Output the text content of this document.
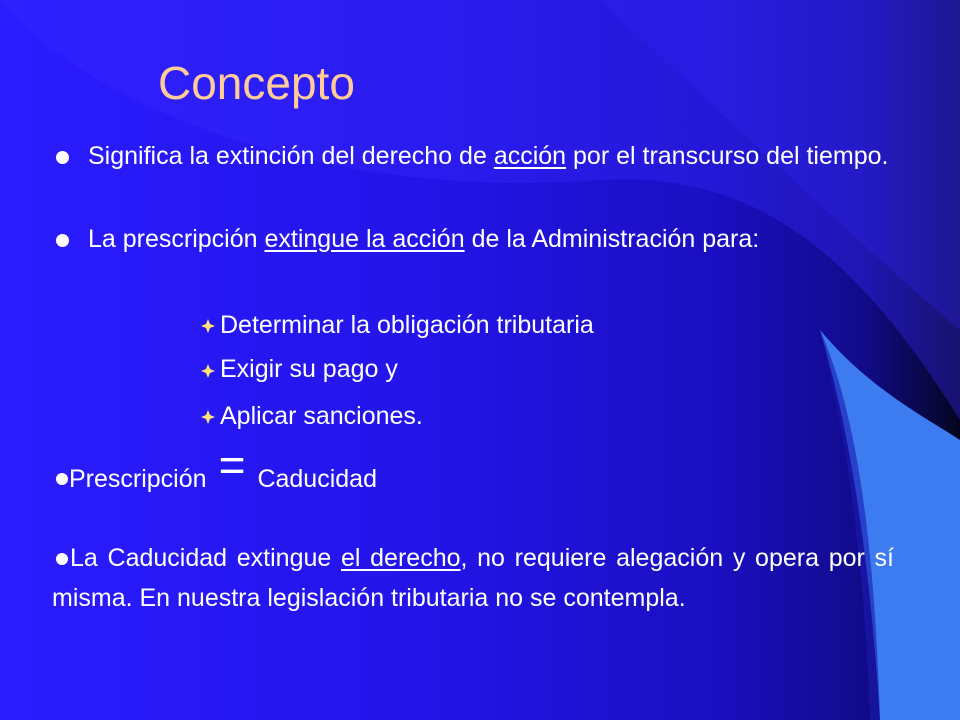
Concepto
Significa la extinción del derecho de acción por el transcurso del tiempo.
La prescripción extingue la acción de la Administración para:
Determinar la obligación tributaria
Exigir su pago y
Aplicar sanciones.
Prescripción = Caducidad
La Caducidad extingue el derecho, no requiere alegación y opera por sí misma. En nuestra legislación tributaria no se contempla.
